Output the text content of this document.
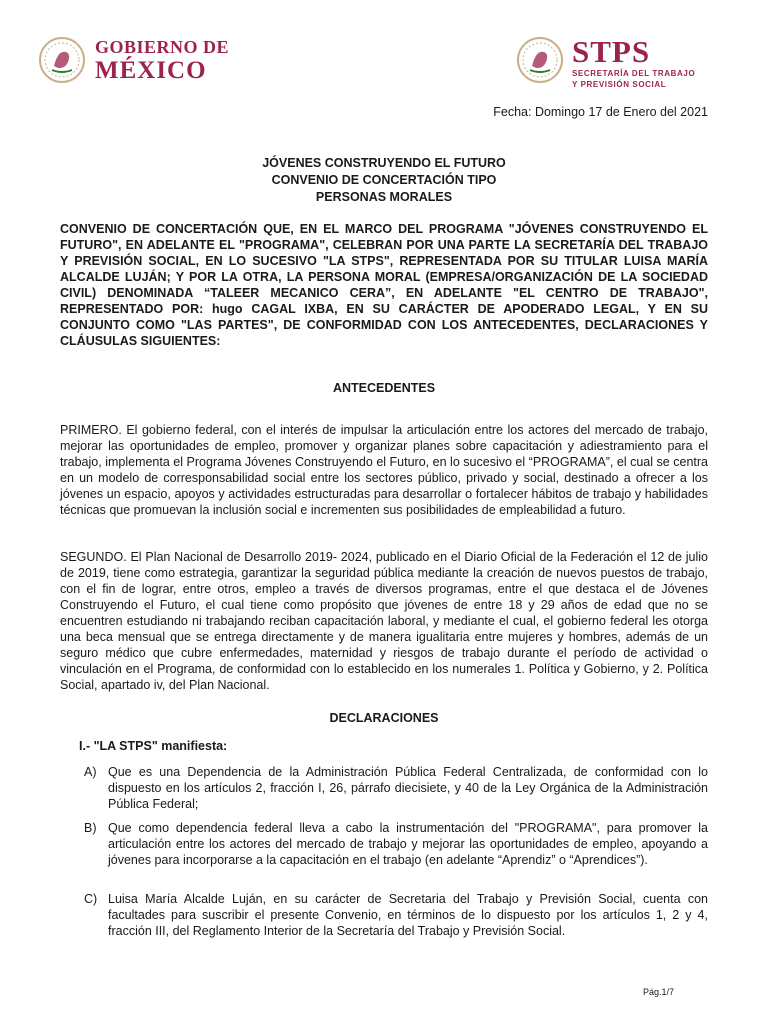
GOBIERNO DE
MÉXICO
STPS
SECRETARÍA DEL TRABAJO
Y PREVISIÓN SOCIAL
Fecha: Domingo 17 de Enero del 2021
JÓVENES CONSTRUYENDO EL FUTURO
CONVENIO DE CONCERTACIÓN TIPO
PERSONAS MORALES
CONVENIO DE CONCERTACIÓN QUE, EN EL MARCO DEL PROGRAMA "JÓVENES CONSTRUYENDO EL FUTURO", EN ADELANTE EL "PROGRAMA", CELEBRAN POR UNA PARTE LA SECRETARÍA DEL TRABAJO Y PREVISIÓN SOCIAL, EN LO SUCESIVO "LA STPS", REPRESENTADA POR SU TITULAR LUISA MARÍA ALCALDE LUJÁN; Y POR LA OTRA, LA PERSONA MORAL (EMPRESA/ORGANIZACIÓN DE LA SOCIEDAD CIVIL) DENOMINADA “TALEER MECANICO CERA”, EN ADELANTE "EL CENTRO DE TRABAJO", REPRESENTADO POR: hugo CAGAL IXBA, EN SU CARÁCTER DE APODERADO LEGAL, Y EN SU CONJUNTO COMO "LAS PARTES", DE CONFORMIDAD CON LOS ANTECEDENTES, DECLARACIONES Y CLÁUSULAS SIGUIENTES:
ANTECEDENTES
PRIMERO. El gobierno federal, con el interés de impulsar la articulación entre los actores del mercado de trabajo, mejorar las oportunidades de empleo, promover y organizar planes sobre capacitación y adiestramiento para el trabajo, implementa el Programa Jóvenes Construyendo el Futuro, en lo sucesivo el “PROGRAMA”, el cual se centra en un modelo de corresponsabilidad social entre los sectores público, privado y social, destinado a ofrecer a los jóvenes un espacio, apoyos y actividades estructuradas para desarrollar o fortalecer hábitos de trabajo y habilidades técnicas que promuevan la inclusión social e incrementen sus posibilidades de empleabilidad a futuro.
SEGUNDO. El Plan Nacional de Desarrollo 2019- 2024, publicado en el Diario Oficial de la Federación el 12 de julio de 2019, tiene como estrategia, garantizar la seguridad pública mediante la creación de nuevos puestos de trabajo, con el fin de lograr, entre otros, empleo a través de diversos programas, entre el que destaca el de Jóvenes Construyendo el Futuro, el cual tiene como propósito que jóvenes de entre 18 y 29 años de edad que no se encuentren estudiando ni trabajando reciban capacitación laboral, y mediante el cual, el gobierno federal les otorga una beca mensual que se entrega directamente y de manera igualitaria entre mujeres y hombres, además de un seguro médico que cubre enfermedades, maternidad y riesgos de trabajo durante el período de actividad o vinculación en el Programa, de conformidad con lo establecido en los numerales 1. Política y Gobierno, y 2. Política Social, apartado iv, del Plan Nacional.
DECLARACIONES
I.- "LA STPS" manifiesta:
A) Que es una Dependencia de la Administración Pública Federal Centralizada, de conformidad con lo dispuesto en los artículos 2, fracción I, 26, párrafo diecisiete, y 40 de la Ley Orgánica de la Administración Pública Federal;
B) Que como dependencia federal lleva a cabo la instrumentación del "PROGRAMA", para promover la articulación entre los actores del mercado de trabajo y mejorar las oportunidades de empleo, apoyando a jóvenes para incorporarse a la capacitación en el trabajo (en adelante “Aprendiz” o “Aprendices”).
C) Luisa María Alcalde Luján, en su carácter de Secretaria del Trabajo y Previsión Social, cuenta con facultades para suscribir el presente Convenio, en términos de lo dispuesto por los artículos 1, 2 y 4, fracción III, del Reglamento Interior de la Secretaría del Trabajo y Previsión Social.
Pág.1/7
